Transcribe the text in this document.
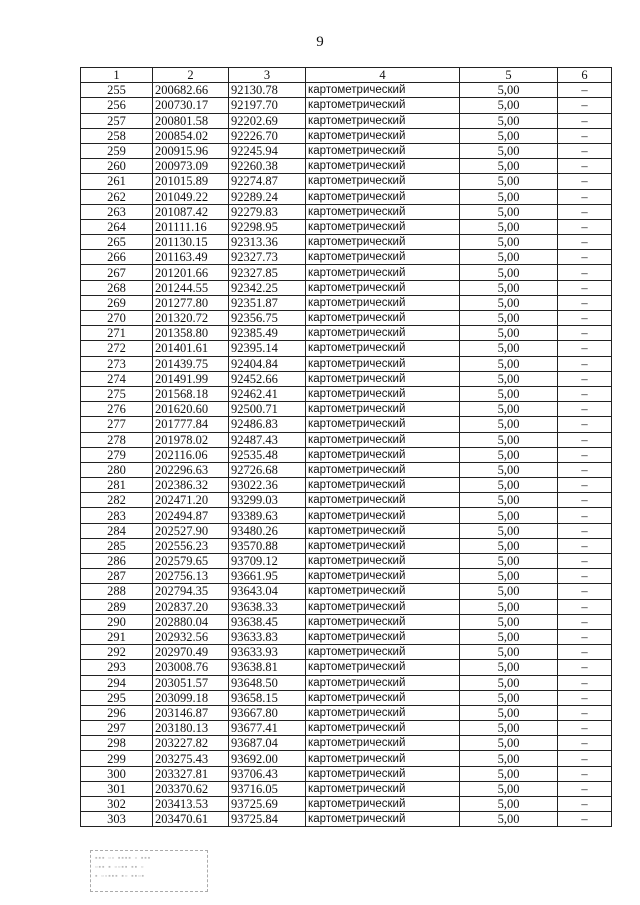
9
1	2	3	4	5	6
255	200682.66	92130.78	картометрический	5,00	–
256	200730.17	92197.70	картометрический	5,00	–
257	200801.58	92202.69	картометрический	5,00	–
258	200854.02	92226.70	картометрический	5,00	–
259	200915.96	92245.94	картометрический	5,00	–
260	200973.09	92260.38	картометрический	5,00	–
261	201015.89	92274.87	картометрический	5,00	–
262	201049.22	92289.24	картометрический	5,00	–
263	201087.42	92279.83	картометрический	5,00	–
264	201111.16	92298.95	картометрический	5,00	–
265	201130.15	92313.36	картометрический	5,00	–
266	201163.49	92327.73	картометрический	5,00	–
267	201201.66	92327.85	картометрический	5,00	–
268	201244.55	92342.25	картометрический	5,00	–
269	201277.80	92351.87	картометрический	5,00	–
270	201320.72	92356.75	картометрический	5,00	–
271	201358.80	92385.49	картометрический	5,00	–
272	201401.61	92395.14	картометрический	5,00	–
273	201439.75	92404.84	картометрический	5,00	–
274	201491.99	92452.66	картометрический	5,00	–
275	201568.18	92462.41	картометрический	5,00	–
276	201620.60	92500.71	картометрический	5,00	–
277	201777.84	92486.83	картометрический	5,00	–
278	201978.02	92487.43	картометрический	5,00	–
279	202116.06	92535.48	картометрический	5,00	–
280	202296.63	92726.68	картометрический	5,00	–
281	202386.32	93022.36	картометрический	5,00	–
282	202471.20	93299.03	картометрический	5,00	–
283	202494.87	93389.63	картометрический	5,00	–
284	202527.90	93480.26	картометрический	5,00	–
285	202556.23	93570.88	картометрический	5,00	–
286	202579.65	93709.12	картометрический	5,00	–
287	202756.13	93661.95	картометрический	5,00	–
288	202794.35	93643.04	картометрический	5,00	–
289	202837.20	93638.33	картометрический	5,00	–
290	202880.04	93638.45	картометрический	5,00	–
291	202932.56	93633.83	картометрический	5,00	–
292	202970.49	93633.93	картометрический	5,00	–
293	203008.76	93638.81	картометрический	5,00	–
294	203051.57	93648.50	картометрический	5,00	–
295	203099.18	93658.15	картометрический	5,00	–
296	203146.87	93667.80	картометрический	5,00	–
297	203180.13	93677.41	картометрический	5,00	–
298	203227.82	93687.04	картометрический	5,00	–
299	203275.43	93692.00	картометрический	5,00	–
300	203327.81	93706.43	картометрический	5,00	–
301	203370.62	93716.05	картометрический	5,00	–
302	203413.53	93725.69	картометрический	5,00	–
303	203470.61	93725.84	картометрический	5,00	–
▪▪▪ ▫▫ ▪▪▪▪ ▫ ▪▪▪
▫▪▪ ▪ ▫▫▪▪ ▪▪ ▫
▪ ▫▫▪▪▪ ▪▫ ▪▪▫▪
